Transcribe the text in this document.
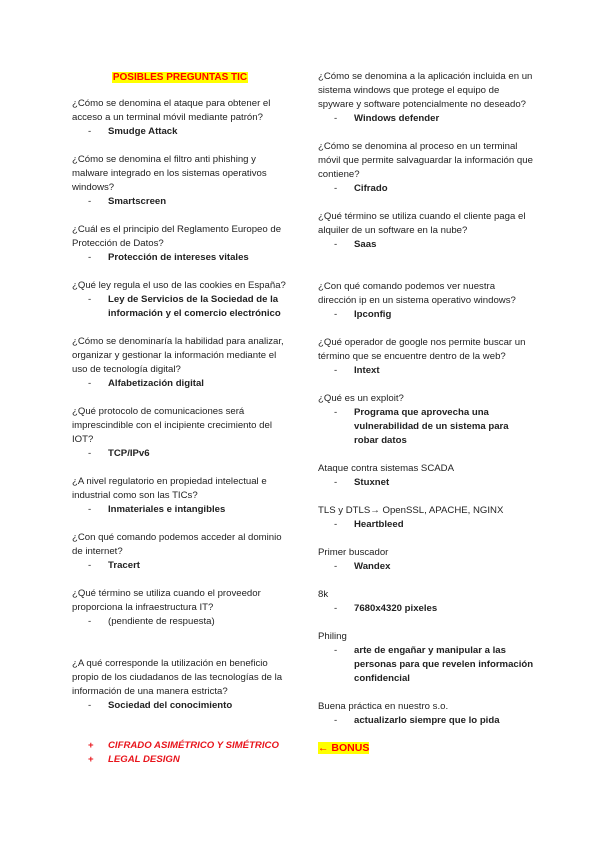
POSIBLES PREGUNTAS TIC

¿Cómo se denomina el ataque para obtener el acceso a un terminal móvil mediante patrón?

-	Smudge Attack

¿Cómo se denomina el filtro anti phishing y malware integrado en los sistemas operativos windows?

-	Smartscreen

¿Cuál es el principio del Reglamento Europeo de Protección de Datos?

-	Protección de intereses vitales

¿Qué ley regula el uso de las cookies en España?

-	Ley de Servicios de la Sociedad de la información y el comercio electrónico

¿Cómo se denominaría la habilidad para analizar, organizar y gestionar la información mediante el uso de tecnología digital?

-	Alfabetización digital

¿Qué protocolo de comunicaciones será imprescindible con el incipiente crecimiento del IOT?

-	TCP/IPv6

¿A nivel regulatorio en propiedad intelectual e industrial como son las TICs?

-	Inmateriales e intangibles

¿Con qué comando podemos acceder al dominio de internet?

-	Tracert

¿Qué término se utiliza cuando el proveedor proporciona la infraestructura IT?

-	(pendiente de respuesta)

¿A qué corresponde la utilización en beneficio propio de los ciudadanos de las tecnologías de la información de una manera estricta?

-	Sociedad del conocimiento
+	CIFRADO ASIMÉTRICO Y SIMÉTRICO
+	LEGAL DESIGN

¿Cómo se denomina a la aplicación incluida en un sistema windows que protege el equipo de spyware y software potencialmente no deseado?

-	Windows defender

¿Cómo se denomina al proceso en un terminal móvil que permite salvaguardar la información que contiene?

-	Cifrado

¿Qué término se utiliza cuando el cliente paga el alquiler de un software en la nube?

-	Saas

¿Con qué comando podemos ver nuestra dirección ip en un sistema operativo windows?

-	Ipconfig

¿Qué operador de google nos permite buscar un término que se encuentre dentro de la web?

-	Intext

¿Qué es un exploit?

-	Programa que aprovecha una vulnerabilidad de un sistema para robar datos

Ataque contra sistemas SCADA

-	Stuxnet

TLS y DTLS→ OpenSSL, APACHE, NGINX

-	Heartbleed

Primer buscador

-	Wandex

8k

-	7680x4320 pixeles

Philing

-	arte de engañar y manipular a las personas para que revelen información confidencial

Buena práctica en nuestro s.o.

-	actualizarlo siempre que lo pida
← BONUS
